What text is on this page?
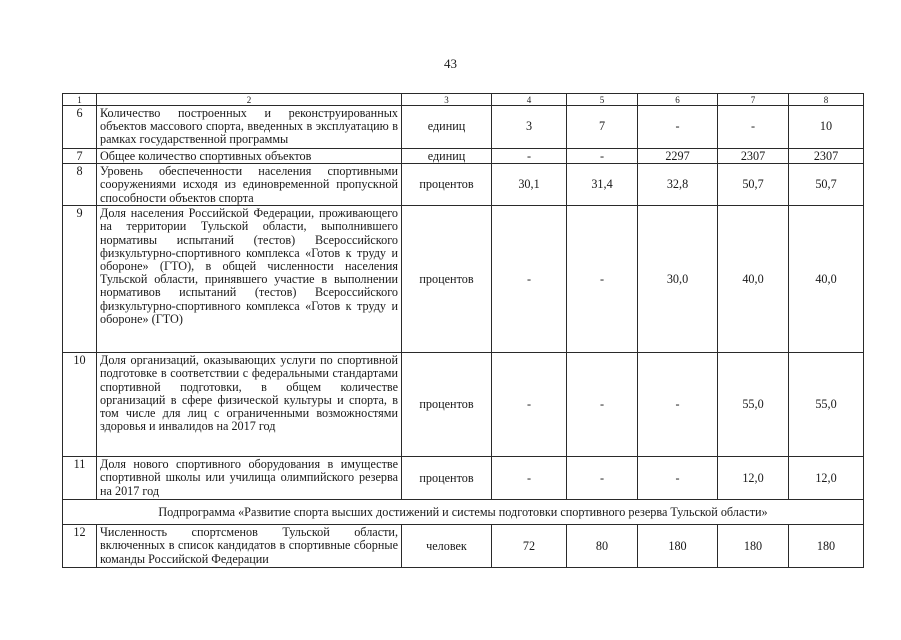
43
1	2	3	4	5	6	7	8
6	Количество построенных и реконструированных объектов массового спорта, введенных в эксплуатацию в рамках государственной программы	единиц	3	7	-	-	10
7	Общее количество спортивных объектов	единиц	-	-	2297	2307	2307
8	Уровень обеспеченности населения спортивными сооружениями исходя из единовременной пропускной способности объектов спорта	процентов	30,1	31,4	32,8	50,7	50,7
9	Доля населения Российской Федерации, проживающего на территории Тульской области, выполнившего нормативы испытаний (тестов) Всероссийского физкультурно-спортивного комплекса «Готов к труду и обороне» (ГТО), в общей численности населения Тульской области, принявшего участие в выполнении нормативов испытаний (тестов) Всероссийского физкультурно-спортивного комплекса «Готов к труду и обороне» (ГТО)	процентов	-	-	30,0	40,0	40,0
10	Доля организаций, оказывающих услуги по спортивной подготовке в соответствии с федеральными стандартами спортивной подготовки, в общем количестве организаций в сфере физической культуры и спорта, в том числе для лиц с ограниченными возможностями здоровья и инвалидов на 2017 год	процентов	-	-	-	55,0	55,0
11	Доля нового спортивного оборудования в имуществе спортивной школы или училища олимпийского резерва на 2017 год	процентов	-	-	-	12,0	12,0
Подпрограмма «Развитие спорта высших достижений и системы подготовки спортивного резерва Тульской области»							
12	Численность спортсменов Тульской области, включенных в список кандидатов в спортивные сборные команды Российской Федерации	человек	72	80	180	180	180
